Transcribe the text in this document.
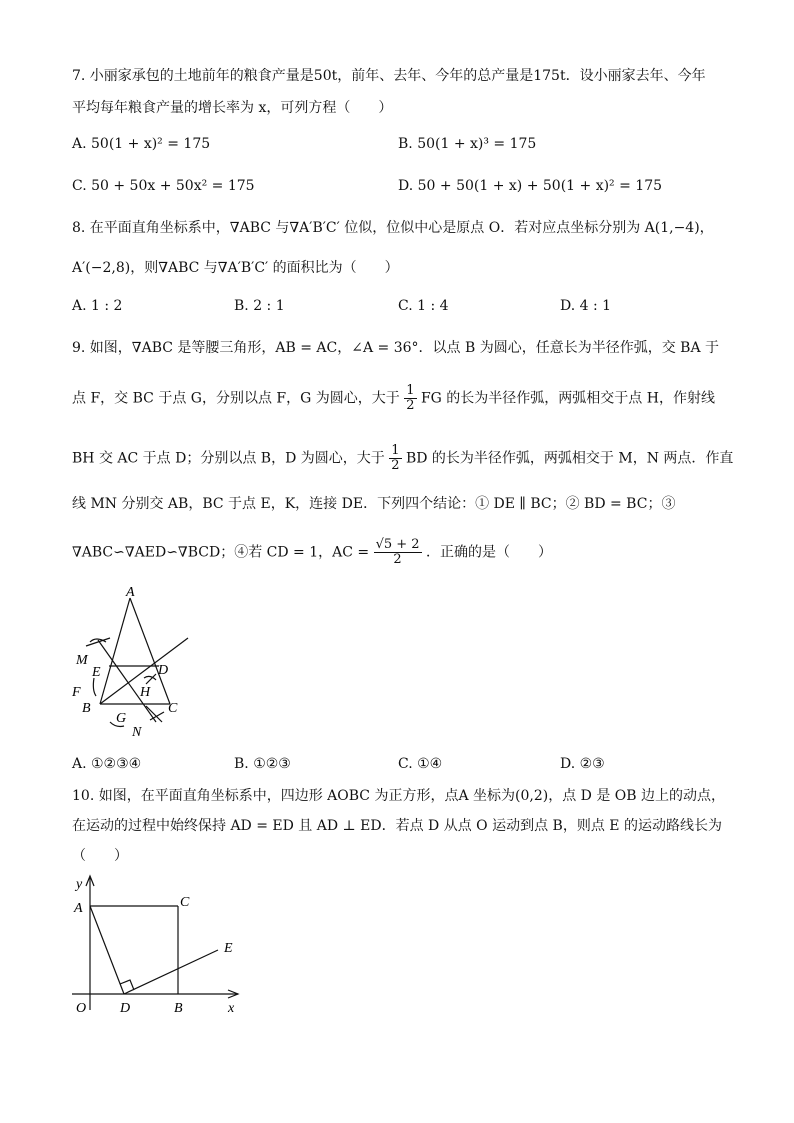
7. 小丽家承包的土地前年的粮食产量是50t，前年、去年、今年的总产量是175t．设小丽家去年、今年
平均每年粮食产量的增长率为 x，可列方程（　　）
A. 50(1 + x)² = 175	B. 50(1 + x)³ = 175
C. 50 + 50x + 50x² = 175	D. 50 + 50(1 + x) + 50(1 + x)² = 175
8. 在平面直角坐标系中，∇ABC 与∇A′B′C′ 位似，位似中心是原点 O．若对应点坐标分别为 A(1,−4)，
A′(−2,8)，则∇ABC 与∇A′B′C′ 的面积比为（　　）
A. 1 : 2	B. 2 : 1	C. 1 : 4	D. 4 : 1
9. 如图，∇ABC 是等腰三角形，AB = AC，∠A = 36°．以点 B 为圆心，任意长为半径作弧，交 BA 于
点 F，交 BC 于点 G，分别以点 F，G 为圆心，大于 $\frac{1}{2}$ FG 的长为半径作弧，两弧相交于点 H，作射线
BH 交 AC 于点 D；分别以点 B，D 为圆心，大于 $\frac{1}{2}$ BD 的长为半径作弧，两弧相交于 M，N 两点．作直
线 MN 分别交 AB，BC 于点 E，K，连接 DE．下列四个结论：① DE ∥ BC；② BD = BC；③
∇ABC∽∇AED∽∇BCD；④若 CD = 1，AC = $\frac{√5 + 2}{2}$ ．正确的是（　　）
A
M
E	D
F	H
B
G
C
N
A. ①②③④	B. ①②③	C. ①④	D. ②③
10. 如图，在平面直角坐标系中，四边形 AOBC 为正方形，点A 坐标为(0,2)，点 D 是 OB 边上的动点，
在运动的过程中始终保持 AD = ED 且 AD ⊥ ED．若点 D 从点 O 运动到点 B，则点 E 的运动路线长为
（　　）
y
A	C
E
O D	B	x
